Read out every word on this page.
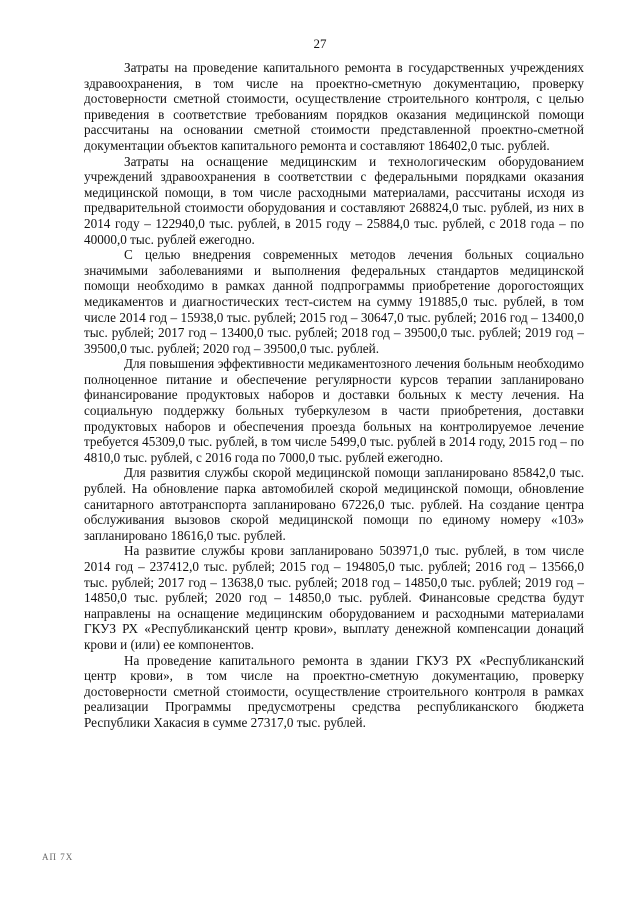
27

Затраты на проведение капитального ремонта в государственных учреждениях здравоохранения, в том числе на проектно-сметную документацию, проверку достоверности сметной стоимости, осуществление строительного контроля, с целью приведения в соответствие требованиям порядков оказания медицинской помощи рассчитаны на основании сметной стоимости представленной проектно-сметной документации объектов капитального ремонта и составляют 186402,0 тыс. рублей.

Затраты на оснащение медицинским и технологическим оборудованием учреждений здравоохранения в соответствии с федеральными порядками оказания медицинской помощи, в том числе расходными материалами, рассчитаны исходя из предварительной стоимости оборудования и составляют 268824,0 тыс. рублей, из них в 2014 году – 122940,0 тыс. рублей, в 2015 году – 25884,0 тыс. рублей, с 2018 года – по 40000,0 тыс. рублей ежегодно.

С целью внедрения современных методов лечения больных социально значимыми заболеваниями и выполнения федеральных стандартов медицинской помощи необходимо в рамках данной подпрограммы приобретение дорогостоящих медикаментов и диагностических тест-систем на сумму 191885,0 тыс. рублей, в том числе 2014 год – 15938,0 тыс. рублей; 2015 год – 30647,0 тыс. рублей; 2016 год – 13400,0 тыс. рублей; 2017 год – 13400,0 тыс. рублей; 2018 год – 39500,0 тыс. рублей; 2019 год – 39500,0 тыс. рублей; 2020 год – 39500,0 тыс. рублей.

Для повышения эффективности медикаментозного лечения больным необходимо полноценное питание и обеспечение регулярности курсов терапии запланировано финансирование продуктовых наборов и доставки больных к месту лечения. На социальную поддержку больных туберкулезом в части приобретения, доставки продуктовых наборов и обеспечения проезда больных на контролируемое лечение требуется 45309,0 тыс. рублей, в том числе 5499,0 тыс. рублей в 2014 году, 2015 год – по 4810,0 тыс. рублей, с 2016 года по 7000,0 тыс. рублей ежегодно.

Для развития службы скорой медицинской помощи запланировано 85842,0 тыс. рублей. На обновление парка автомобилей скорой медицинской помощи, обновление санитарного автотранспорта запланировано 67226,0 тыс. рублей. На создание центра обслуживания вызовов скорой медицинской помощи по единому номеру «103» запланировано 18616,0 тыс. рублей.

На развитие службы крови запланировано 503971,0 тыс. рублей, в том числе 2014 год – 237412,0 тыс. рублей; 2015 год – 194805,0 тыс. рублей; 2016 год – 13566,0 тыс. рублей; 2017 год – 13638,0 тыс. рублей; 2018 год – 14850,0 тыс. рублей; 2019 год – 14850,0 тыс. рублей; 2020 год – 14850,0 тыс. рублей. Финансовые средства будут направлены на оснащение медицинским оборудованием и расходными материалами ГКУЗ РХ «Республиканский центр крови», выплату денежной компенсации донаций крови и (или) ее компонентов.

На проведение капитального ремонта в здании ГКУЗ РХ «Республиканский центр крови», в том числе на проектно-сметную документацию, проверку достоверности сметной стоимости, осуществление строительного контроля в рамках реализации Программы предусмотрены средства республиканского бюджета Республики Хакасия в сумме 27317,0 тыс. рублей.

АП 7Х
